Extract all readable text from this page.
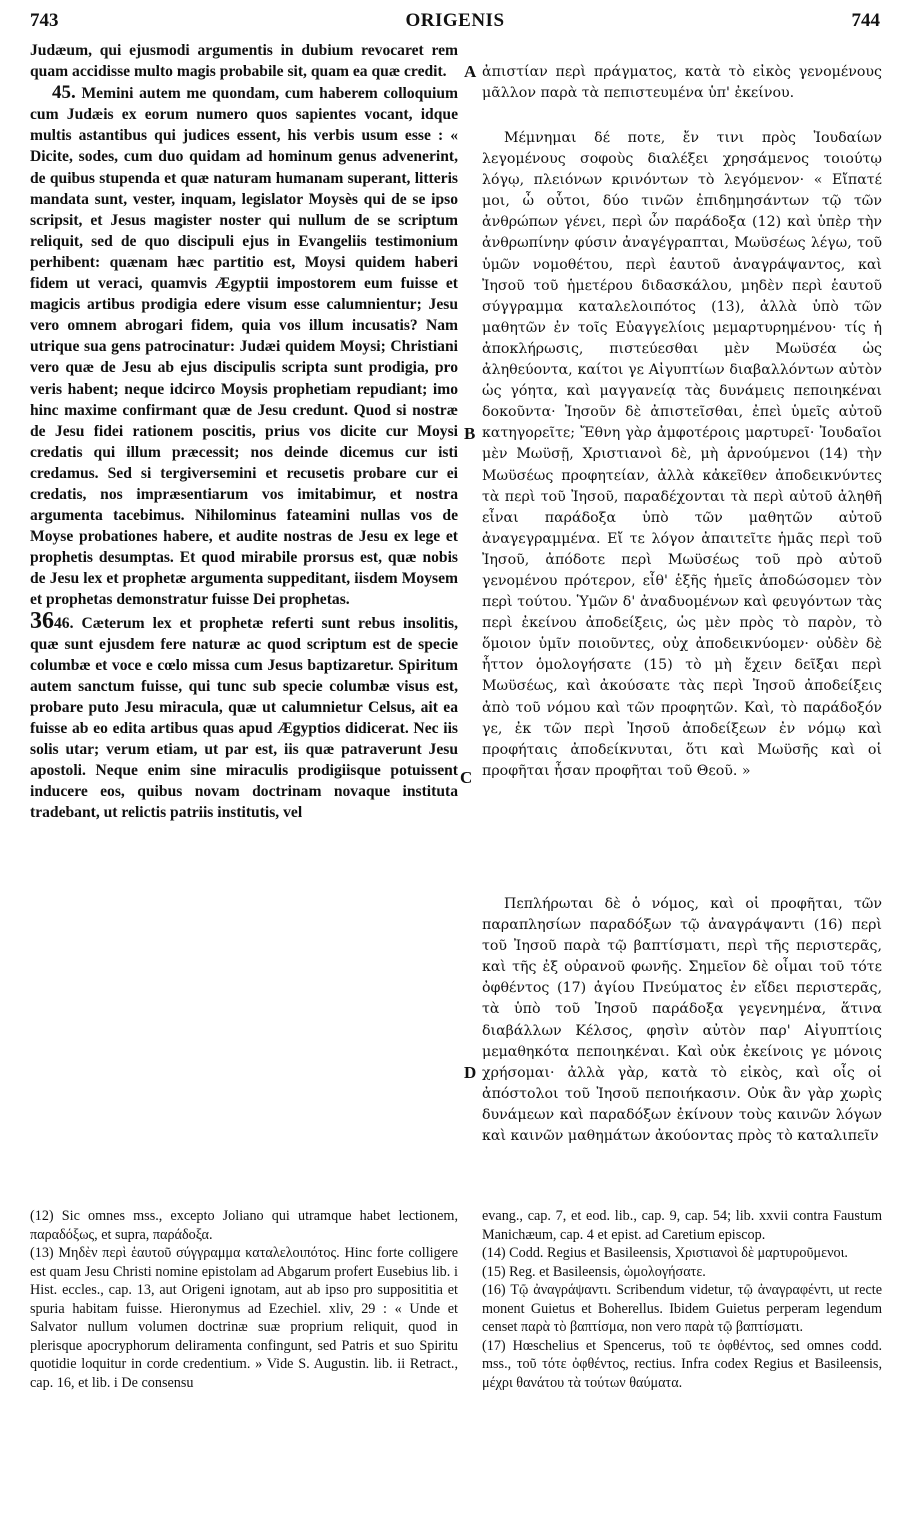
743	ORIGENIS	744

Judæum, qui ejusmodi argumentis in dubium revocaret rem quam accidisse multo magis probabile sit, quam ea quæ credit.

45. Memini autem me quondam, cum haberem colloquium cum Judæis ex eorum numero quos sapientes vocant, idque multis astantibus qui judices essent, his verbis usum esse : « Dicite, sodes, cum duo quidam ad hominum genus advenerint, de quibus stupenda et quæ naturam humanam superant, litteris mandata sunt, vester, inquam, legislator Moysès qui de se ipso scripsit, et Jesus magister noster qui nullum de se scriptum reliquit, sed de quo discipuli ejus in Evangeliis testimonium perhibent: quænam hæc partitio est, Moysi quidem haberi fidem ut veraci, quamvis Ægyptii impostorem eum fuisse et magicis artibus prodigia edere visum esse calumnientur; Jesu vero omnem abrogari fidem, quia vos illum incusatis? Nam utrique sua gens patrocinatur: Judæi quidem Moysi; Christiani vero quæ de Jesu ab ejus discipulis scripta sunt prodigia, pro veris habent; neque idcirco Moysis prophetiam repudiant; imo hinc maxime confirmant quæ de Jesu credunt. Quod si nostræ de Jesu fidei rationem poscitis, prius vos dicite cur Moysi credatis qui illum præcessit; nos deinde dicemus cur isti credamus. Sed si tergiversemini et recusetis probare cur ei credatis, nos impræsentiarum vos imitabimur, et nostra argumenta tacebimus. Nihilominus fateamini nullas vos de Moyse probationes habere, et audite nostras de Jesu ex lege et prophetis desumptas. Et quod mirabile prorsus est, quæ nobis de Jesu lex et prophetæ argumenta suppeditant, iisdem Moysem et prophetas demonstratur fuisse Dei prophetas.

3646. Cæterum lex et prophetæ referti sunt rebus insolitis, quæ sunt ejusdem fere naturæ ac quod scriptum est de specie columbæ et voce e cœlo missa cum Jesus baptizaretur. Spiritum autem sanctum fuisse, qui tunc sub specie columbæ visus est, probare puto Jesu miracula, quæ ut calumnietur Celsus, ait ea fuisse ab eo edita artibus quas apud Ægyptios didicerat. Nec iis solis utar; verum etiam, ut par est, iis quæ patraverunt Jesu apostoli. Neque enim sine miraculis prodigiisque potuissent inducere eos, quibus novam doctrinam novaque instituta tradebant, ut relictis patriis institutis, vel

A
B
C
D
ἀπιστίαν περὶ πράγματος, κατὰ τὸ εἰκὸς γενομένους μᾶλλον παρὰ τὰ πεπιστευμένα ὑπ' ἐκείνου.
Μέμνημαι δέ ποτε, ἔν τινι πρὸς Ἰουδαίων λεγομένους σοφοὺς διαλέξει χρησάμενος τοιούτῳ λόγῳ, πλειόνων κρινόντων τὸ λεγόμενον· « Εἴπατέ μοι, ὦ οὗτοι, δύο τινῶν ἐπιδημησάντων τῷ τῶν ἀνθρώπων γένει, περὶ ὧν παράδοξα (12) καὶ ὑπὲρ τὴν ἀνθρωπίνην φύσιν ἀναγέγραπται, Μωϋσέως λέγω, τοῦ ὑμῶν νομοθέτου, περὶ ἑαυτοῦ ἀναγράψαντος, καὶ Ἰησοῦ τοῦ ἡμετέρου διδασκάλου, μηδὲν περὶ ἑαυτοῦ σύγγραμμα καταλελοιπότος (13), ἀλλὰ ὑπὸ τῶν μαθητῶν ἐν τοῖς Εὐαγγελίοις μεμαρτυρημένου· τίς ἡ ἀποκλήρωσις, πιστεύεσθαι μὲν Μωϋσέα ὡς ἀληθεύοντα, καίτοι γε Αἰγυπτίων διαβαλλόντων αὐτὸν ὡς γόητα, καὶ μαγγανείᾳ τὰς δυνάμεις πεποιηκέναι δοκοῦντα· Ἰησοῦν δὲ ἀπιστεῖσθαι, ἐπεὶ ὑμεῖς αὐτοῦ κατηγορεῖτε; Ἔθνη γὰρ ἀμφοτέροις μαρτυρεῖ· Ἰουδαῖοι μὲν Μωϋσῇ, Χριστιανοὶ δὲ, μὴ ἀρνούμενοι (14) τὴν Μωϋσέως προφητείαν, ἀλλὰ κἀκεῖθεν ἀποδεικνύντες τὰ περὶ τοῦ Ἰησοῦ, παραδέχονται τὰ περὶ αὐτοῦ ἀληθῆ εἶναι παράδοξα ὑπὸ τῶν μαθητῶν αὐτοῦ ἀναγεγραμμένα. Εἴ τε λόγον ἀπαιτεῖτε ἡμᾶς περὶ τοῦ Ἰησοῦ, ἀπόδοτε περὶ Μωϋσέως τοῦ πρὸ αὐτοῦ γενομένου πρότερον, εἶθ' ἑξῆς ἡμεῖς ἀποδώσομεν τὸν περὶ τούτου. Ὑμῶν δ' ἀναδυομένων καὶ φευγόντων τὰς περὶ ἐκείνου ἀποδείξεις, ὡς μὲν πρὸς τὸ παρὸν, τὸ ὅμοιον ὑμῖν ποιοῦντες, οὐχ ἀποδεικνύομεν· οὐδὲν δὲ ἧττον ὁμολογήσατε (15) τὸ μὴ ἔχειν δεῖξαι περὶ Μωϋσέως, καὶ ἀκούσατε τὰς περὶ Ἰησοῦ ἀποδείξεις ἀπὸ τοῦ νόμου καὶ τῶν προφητῶν. Καὶ, τὸ παράδοξόν γε, ἐκ τῶν περὶ Ἰησοῦ ἀποδείξεων ἐν νόμῳ καὶ προφήταις ἀποδείκνυται, ὅτι καὶ Μωϋσῆς καὶ οἱ προφῆται ἦσαν προφῆται τοῦ Θεοῦ. »
Πεπλήρωται δὲ ὁ νόμος, καὶ οἱ προφῆται, τῶν παραπλησίων παραδόξων τῷ ἀναγράψαντι (16) περὶ τοῦ Ἰησοῦ παρὰ τῷ βαπτίσματι, περὶ τῆς περιστερᾶς, καὶ τῆς ἐξ οὐρανοῦ φωνῆς. Σημεῖον δὲ οἶμαι τοῦ τότε ὀφθέντος (17) ἁγίου Πνεύματος ἐν εἴδει περιστερᾶς, τὰ ὑπὸ τοῦ Ἰησοῦ παράδοξα γεγενημένα, ἅτινα διαβάλλων Κέλσος, φησὶν αὐτὸν παρ' Αἰγυπτίοις μεμαθηκότα πεποιηκέναι. Καὶ οὐκ ἐκείνοις γε μόνοις χρήσομαι· ἀλλὰ γὰρ, κατὰ τὸ εἰκὸς, καὶ οἷς οἱ ἀπόστολοι τοῦ Ἰησοῦ πεποιήκασιν. Οὐκ ἂν γὰρ χωρὶς δυνάμεων καὶ παραδόξων ἐκίνουν τοὺς καινῶν λόγων καὶ καινῶν μαθημάτων ἀκούοντας πρὸς τὸ καταλιπεῖν

(12) Sic omnes mss., excepto Joliano qui utramque habet lectionem, παραδόξως, et supra, παράδοξα.

(13) Μηδὲν περὶ ἑαυτοῦ σύγγραμμα καταλελοιπότος. Hinc forte colligere est quam Jesu Christi nomine epistolam ad Abgarum profert Eusebius lib. i Hist. eccles., cap. 13, aut Origeni ignotam, aut ab ipso pro supposititia et spuria habitam fuisse. Hieronymus ad Ezechiel. xliv, 29 : « Unde et Salvator nullum volumen doctrinæ suæ proprium reliquit, quod in plerisque apocryphorum deliramenta confingunt, sed Patris et suo Spiritu quotidie loquitur in corde credentium. » Vide S. Augustin. lib. ii Retract., cap. 16, et lib. i De consensu

evang., cap. 7, et eod. lib., cap. 9, cap. 54; lib. xxvii contra Faustum Manichæum, cap. 4 et epist. ad Caretium episcop.

(14) Codd. Regius et Basileensis, Χριστιανοὶ δὲ μαρτυροῦμενοι.

(15) Reg. et Basileensis, ὡμολογήσατε.

(16) Τῷ ἀναγράψαντι. Scribendum videtur, τῷ ἀναγραφέντι, ut recte monent Guietus et Boherellus. Ibidem Guietus perperam legendum censet παρὰ τὸ βαπτίσμα, non vero παρὰ τῷ βαπτίσματι.

(17) Hœschelius et Spencerus, τοῦ τε ὀφθέντος, sed omnes codd. mss., τοῦ τότε ὀφθέντος, rectius. Infra codex Regius et Basileensis, μέχρι θανάτου τὰ τούτων θαύματα.
